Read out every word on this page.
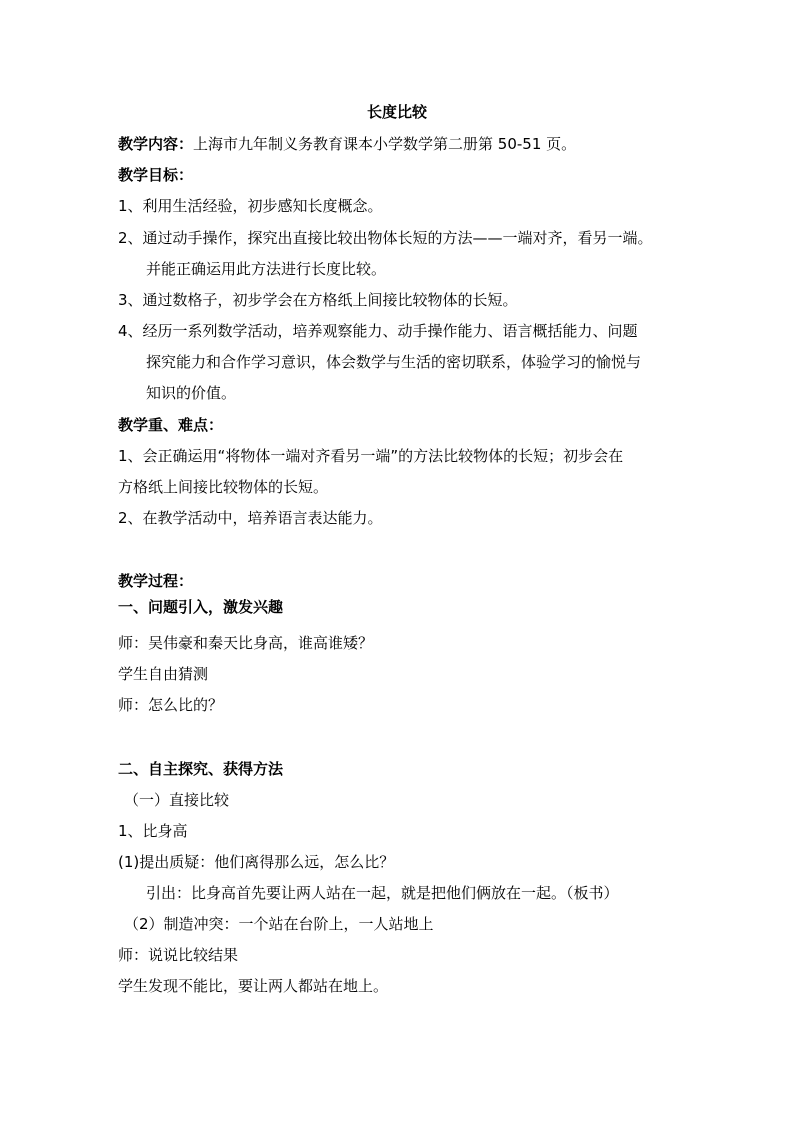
长度比较
教学内容：上海市九年制义务教育课本小学数学第二册第 50-51 页。
教学目标：
1、利用生活经验，初步感知长度概念。
2、通过动手操作，探究出直接比较出物体长短的方法——一端对齐，看另一端。
并能正确运用此方法进行长度比较。
3、通过数格子，初步学会在方格纸上间接比较物体的长短。
4、经历一系列数学活动，培养观察能力、动手操作能力、语言概括能力、问题
探究能力和合作学习意识，体会数学与生活的密切联系，体验学习的愉悦与
知识的价值。
教学重、难点：
1、会正确运用“将物体一端对齐看另一端”的方法比较物体的长短；初步会在
方格纸上间接比较物体的长短。
2、在教学活动中，培养语言表达能力。
教学过程：
一、问题引入，激发兴趣
师：吴伟豪和秦天比身高，谁高谁矮？
学生自由猜测
师：怎么比的？
二、自主探究、获得方法
（一）直接比较
1、比身高
(1)提出质疑：他们离得那么远，怎么比？
引出：比身高首先要让两人站在一起，就是把他们俩放在一起。（板书）
（2）制造冲突：一个站在台阶上，一人站地上
师：说说比较结果
学生发现不能比，要让两人都站在地上。
